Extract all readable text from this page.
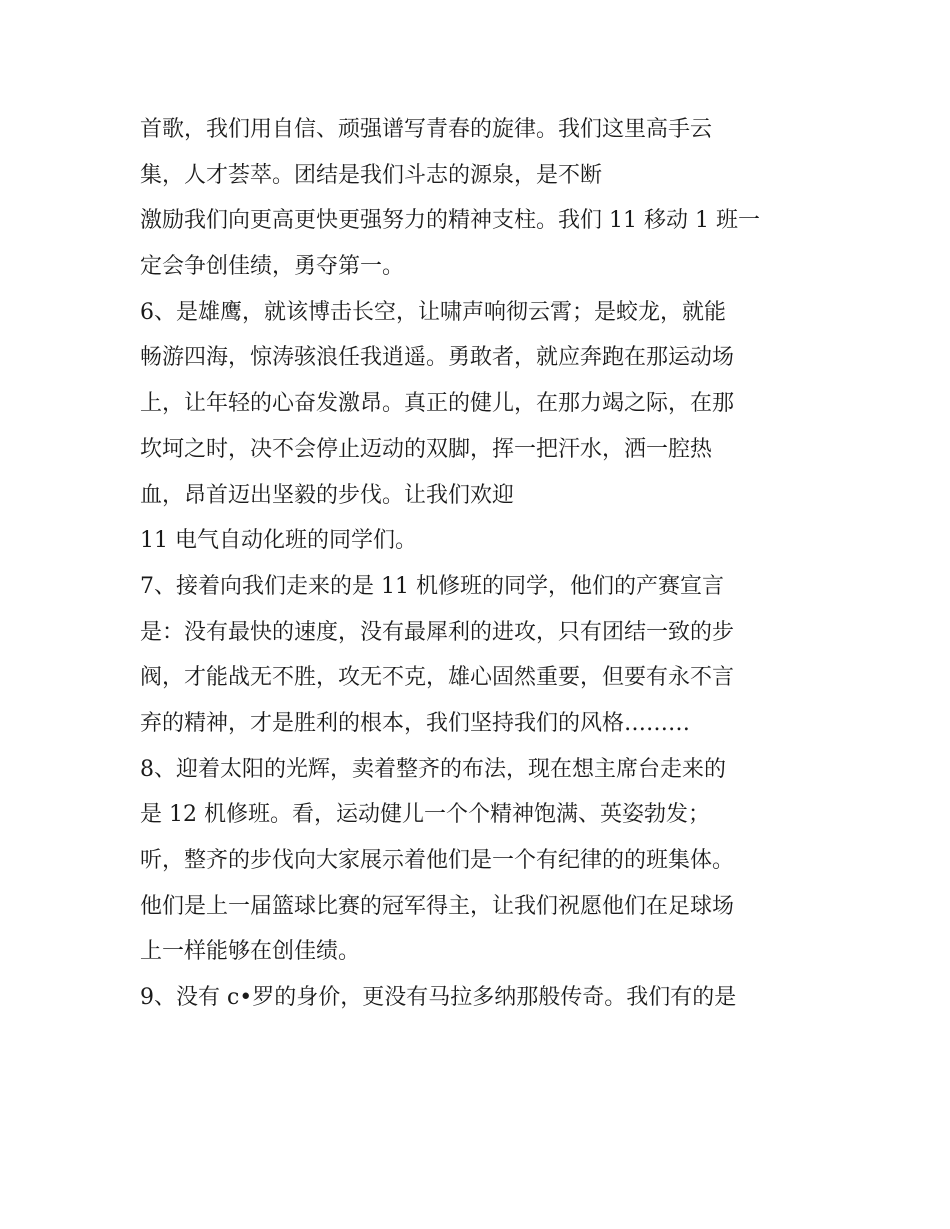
首歌，我们用自信、顽强谱写青春的旋律。我们这里高手云
集，人才荟萃。团结是我们斗志的源泉，是不断
激励我们向更高更快更强努力的精神支柱。我们 11 移动 1 班一
定会争创佳绩，勇夺第一。
6、是雄鹰，就该博击长空，让啸声响彻云霄；是蛟龙，就能
畅游四海，惊涛骇浪任我逍遥。勇敢者，就应奔跑在那运动场
上，让年轻的心奋发激昂。真正的健儿，在那力竭之际，在那
坎坷之时，决不会停止迈动的双脚，挥一把汗水，洒一腔热
血，昂首迈出坚毅的步伐。让我们欢迎
11 电气自动化班的同学们。
7、接着向我们走来的是 11 机修班的同学，他们的产赛宣言
是：没有最快的速度，没有最犀利的进攻，只有团结一致的步
阀，才能战无不胜，攻无不克，雄心固然重要，但要有永不言
弃的精神，才是胜利的根本，我们坚持我们的风格………
8、迎着太阳的光辉，卖着整齐的布法，现在想主席台走来的
是 12 机修班。看，运动健儿一个个精神饱满、英姿勃发；
听，整齐的步伐向大家展示着他们是一个有纪律的的班集体。
他们是上一届篮球比赛的冠军得主，让我们祝愿他们在足球场
上一样能够在创佳绩。
9、没有 c•罗的身价，更没有马拉多纳那般传奇。我们有的是
